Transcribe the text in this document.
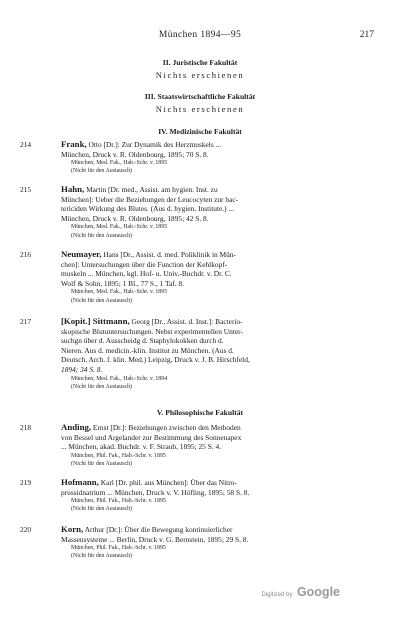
München 1894—95	217
II. Juristische Fakultät
Nichts erschienen
III. Staatswirtschaftliche Fakultät
Nichts erschienen
IV. Medizinische Fakultät
214	Frank, Otto [Dr.]: Zur Dynamik des Herzmuskels ...
München, Druck v. R. Oldenbourg, 1895; 70 S. 8.
München, Med. Fak., Hab.-Schr. v. 1895
(Nicht für den Austausch)
215	Hahn, Martin [Dr. med., Assist. am hygien. Inst. zu
München]: Ueber die Beziehungen der Leucocyten zur bac-
tericiden Wirkung des Blutes. (Aus d. hygien. Institute.) ...
München, Druck v. R. Oldenbourg, 1895; 42 S. 8.
München, Med. Fak., Hab.-Schr. v. 1895
(Nicht für den Austausch)
216	Neumayer, Hans [Dr., Assist. d. med. Poliklinik in Mün-
chen]: Untersuchungen über die Function der Kehlkopf-
muskeln ... München, kgl. Hof- u. Univ.-Buchdr. v. Dr. C.
Wolf & Sohn, 1895; 1 Bl., 77 S., 1 Taf. 8.
München, Med. Fak., Hab.-Schr. v. 1895
(Nicht für den Austausch)
217	[Kopit.] Sittmann, Georg [Dr., Assist. d. Inst.]: Bacterio-
skopische Blutuntersuchungen. Nebst experimentellen Unter-
suchgn über d. Ausscheidg d. Staphylokokken durch d.
Nieren. Aus d. medicin.-klin. Institut zu München. (Aus d.
Deutsch. Arch. f. klin. Med.) Leipzig, Druck v. J. B. Hirschfeld,
1894; 34 S. 8.
München, Med. Fak., Hab.-Schr. v. 1894
(Nicht für den Austausch)
V. Philosophische Fakultät
218	Anding, Ernst [Dr.]: Beziehungen zwischen den Methoden
von Bessel und Argelander zur Bestimmung des Sonnenapex
... München, akad. Buchdr. v. F. Straub, 1895; 25 S. 4.
München, Phil. Fak., Hab.-Schr. v. 1895
(Nicht für den Austausch)
219	Hofmann, Karl [Dr. phil. aus München]: Über das Nitro-
prussidnatrium ... München, Druck v. V. Höfling, 1895; 58 S. 8.
München, Phil. Fak., Hab.-Schr. v. 1895
(Nicht für den Austausch)
220	Korn, Arthur [Dr.]: Über die Bewegung kontinuierlicher
Massensysteme ... Berlin, Druck v. G. Bernstein, 1895; 29 S. 8.
München, Phil. Fak., Hab.-Schr. v. 1895
(Nicht für den Austausch)
Digitized by Google
